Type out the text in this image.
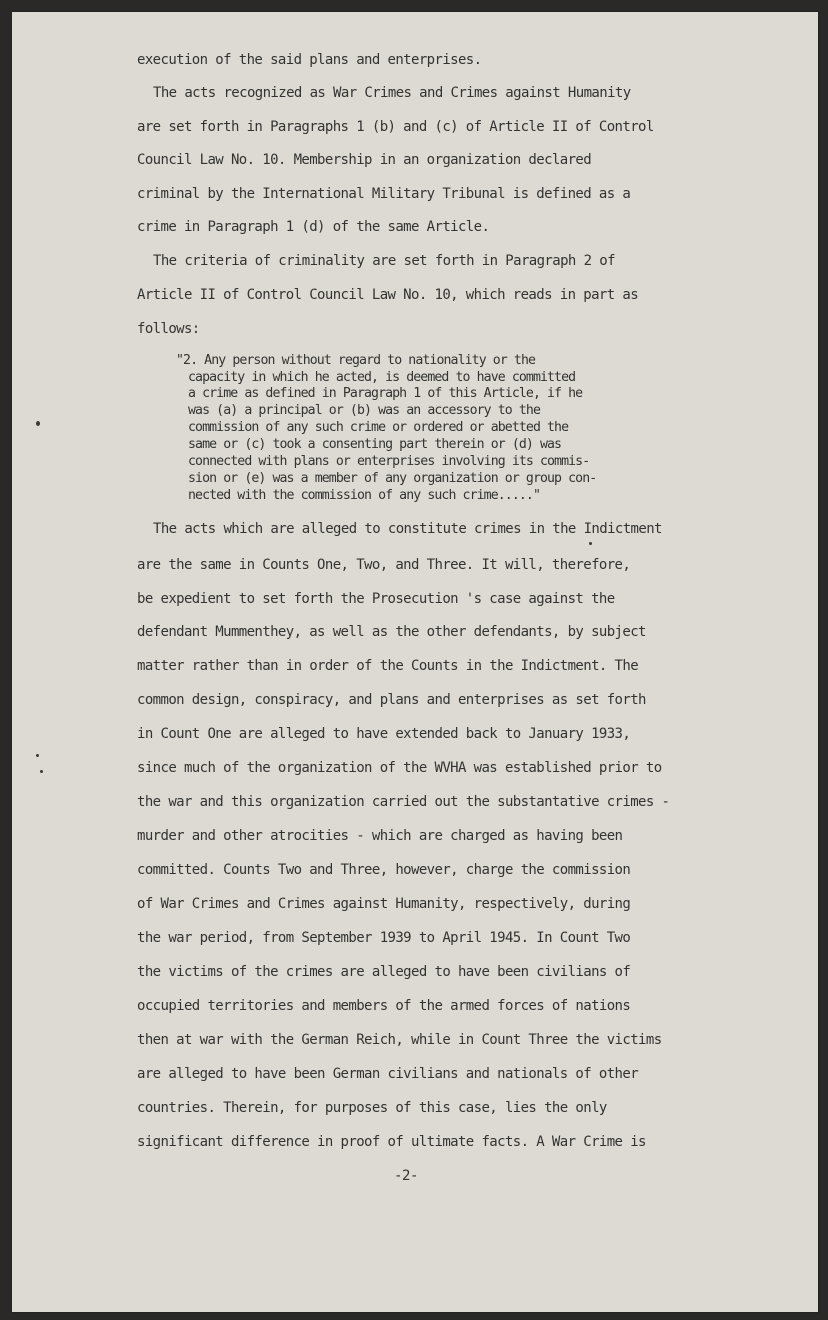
execution of the said plans and enterprises.
The acts recognized as War Crimes and Crimes against Humanity
are set forth in Paragraphs 1 (b) and (c) of Article II of Control
Council Law No. 10. Membership in an organization declared
criminal by the International Military Tribunal is defined as a
crime in Paragraph 1 (d) of the same Article.
The criteria of criminality are set forth in Paragraph 2 of
Article II of Control Council Law No. 10, which reads in part as
follows:
"2. Any person without regard to nationality or the
capacity in which he acted, is deemed to have committed
a crime as defined in Paragraph 1 of this Article, if he
was (a) a principal or (b) was an accessory to the
commission of any such crime or ordered or abetted the
same or (c) took a consenting part therein or (d) was
connected with plans or enterprises involving its commis-
sion or (e) was a member of any organization or group con-
nected with the commission of any such crime....."
The acts which are alleged to constitute crimes in the Indictment
are the same in Counts One, Two, and Three. It will, therefore,
be expedient to set forth the Prosecution 's case against the
defendant Mummenthey, as well as the other defendants, by subject
matter rather than in order of the Counts in the Indictment. The
common design, conspiracy, and plans and enterprises as set forth
in Count One are alleged to have extended back to January 1933,
since much of the organization of the WVHA was established prior to
the war and this organization carried out the substantative crimes -
murder and other atrocities - which are charged as having been
committed. Counts Two and Three, however, charge the commission
of War Crimes and Crimes against Humanity, respectively, during
the war period, from September 1939 to April 1945. In Count Two
the victims of the crimes are alleged to have been civilians of
occupied territories and members of the armed forces of nations
then at war with the German Reich, while in Count Three the victims
are alleged to have been German civilians and nationals of other
countries. Therein, for purposes of this case, lies the only
significant difference in proof of ultimate facts. A War Crime is
-2-
